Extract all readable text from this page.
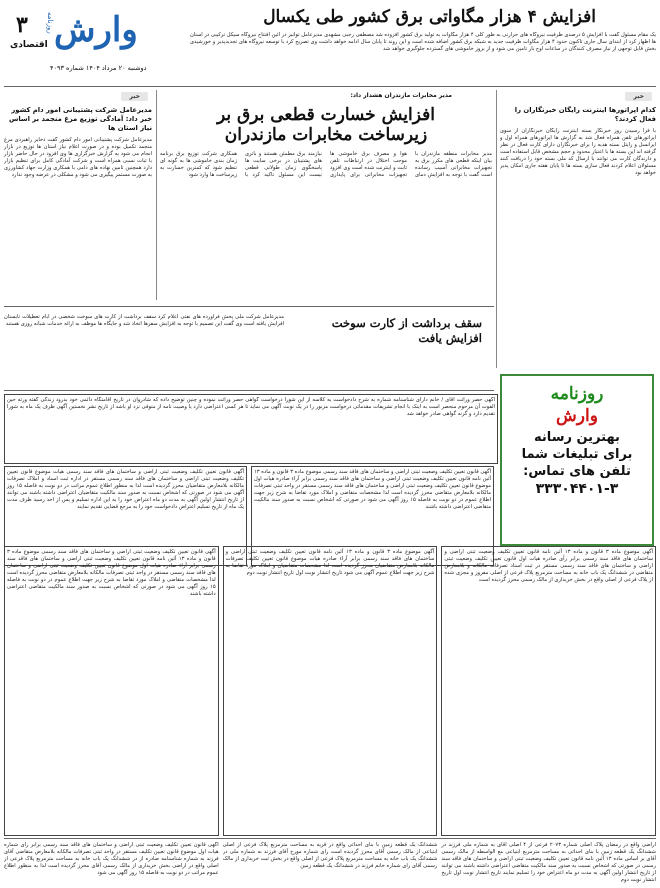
۳
اقتصادی
روزنامه وارش
دوشنبه ۲۰ مرداد ۱۴۰۴ شماره ۴۰۹۳
افزایش ۴ هزار مگاواتی برق کشور طی یکسال
یک مقام مسئول گفت با افزایش ۵ درصدی ظرفیت نیروگاه های حرارتی به طور کلی ۴ هزار مگاوات به تولید برق کشور افزوده شد مصطفی رجبی مشهدی مدیرعامل توانیر در آئین افتتاح نیروگاه سیکل ترکیبی در استان ها اظهار کرد از ابتدای سال جاری تاکنون حدود ۴ هزار مگاوات ظرفیت جدید به شبکه برق کشور اضافه شده است و این روند تا پایان سال ادامه خواهد داشت وی تصریح کرد با توسعه نیروگاه های تجدیدپذیر و خورشیدی بخش قابل توجهی از نیاز مصرف کنندگان در ساعات اوج بار تامین می شود و از بروز خاموشی های گسترده جلوگیری خواهد شد
خبر
کدام اپراتورها اینترنت رایگان خبرنگاران را فعال کردند؟
با فرا رسیدن روز خبرنگار بسته اینترنت رایگان خبرنگاران از سوی اپراتورهای تلفن همراه فعال شد به گزارش ها اپراتورهای همراه اول و ایرانسل و رایتل بسته هدیه را برای خبرنگاران دارای کارت فعال در نظر گرفته اند این بسته ها با اعتبار محدود و حجم مشخص قابل استفاده است و دارندگان کارت می توانند با ارسال کد ملی بسته خود را دریافت کنند مسئولان اعلام کردند فعال سازی بسته ها تا پایان هفته جاری امکان پذیر خواهد بود
مدیر مخابرات مازندران هشدار داد:
افزایش خسارت قطعی برق بر زیرساخت مخابرات مازندران
مدیر مخابرات منطقه مازندران با بیان اینکه قطعی های مکرر برق به تجهیزات مخابراتی آسیب رسانده است گفت با توجه به افزایش دمای هوا و مصرف برق خاموشی ها موجب اختلال در ارتباطات تلفن ثابت و اینترنت شده است وی افزود تجهیزات مخابراتی برای پایداری نیازمند برق مطمئن هستند و باتری های پشتیبان در برخی سایت ها پاسخگوی زمان طولانی قطعی نیست این مسئول تاکید کرد با همکاری شرکت توزیع برق برنامه زمان بندی خاموشی ها به گونه ای تنظیم شود که کمترین خسارت به زیرساخت ها وارد شود
خبر
مدیرعامل شرکت پشتیبانی امور دام کشور خبر داد: آمادگی توزیع مرغ منجمد بر اساس نیاز استان ها
مدیرعامل شرکت پشتیبانی امور دام کشور گفت ذخایر راهبردی مرغ منجمد تکمیل بوده و در صورت اعلام نیاز استان ها توزیع در بازار انجام می شود به گزارش خبرگزاری ها وی افزود در حال حاضر بازار با ثبات نسبی همراه است و شرکت آمادگی کامل برای تنظیم بازار دارد همچنین تامین نهاده های دامی با همکاری وزارت جهاد کشاورزی به صورت مستمر پیگیری می شود و مشکلی در عرضه وجود ندارد
سقف برداشت از کارت سوخت افزایش یافت
مدیرعامل شرکت ملی پخش فرآورده های نفتی اعلام کرد سقف برداشت از کارت های سوخت شخصی در ایام تعطیلات تابستان افزایش یافته است وی گفت این تصمیم با توجه به افزایش سفرها اتخاذ شد و جایگاه ها موظف به ارائه خدمات شبانه روزی هستند
روزنامه
وارش
بهترین رسانه
برای تبلیغات شما
تلفن های تماس:
۳۳۳۰۴۴۰۱-۳
آگهی حصر وراثت آقای / خانم دارای شناسنامه شماره به شرح دادخواست به کلاسه از این شورا درخواست گواهی حصر وراثت نموده و چنین توضیح داده که شادروان در تاریخ اقامتگاه دائمی خود بدرود زندگی گفته ورثه حین الفوت آن مرحوم منحصر است به اینک با انجام تشریفات مقدماتی درخواست مزبور را در یک نوبت آگهی می نماید تا هر کسی اعتراضی دارد یا وصیت نامه از متوفی نزد او باشد از تاریخ نشر نخستین آگهی ظرف یک ماه به شورا تقدیم دارد و گرنه گواهی صادر خواهد شد
آگهی قانون تعیین تکلیف وضعیت ثبتی اراضی و ساختمان های فاقد سند رسمی موضوع ماده ۳ قانون و ماده ۱۳ آئین نامه قانون تعیین تکلیف وضعیت ثبتی اراضی و ساختمان های فاقد سند رسمی برابر آراء صادره هیات اول موضوع قانون تعیین تکلیف وضعیت ثبتی اراضی و ساختمان های فاقد سند رسمی مستقر در واحد ثبتی تصرفات مالکانه بلامعارض متقاضی محرز گردیده است لذا مشخصات متقاضی و املاک مورد تقاضا به شرح زیر جهت اطلاع عموم در دو نوبت به فاصله ۱۵ روز آگهی می شود در صورتی که اشخاص نسبت به صدور سند مالکیت متقاضی اعتراضی داشته باشند
آگهی قانون تعیین تکلیف وضعیت ثبتی اراضی و ساختمان های فاقد سند رسمی هیات موضوع قانون تعیین تکلیف وضعیت ثبتی اراضی و ساختمان های فاقد سند رسمی مستقر در اداره ثبت اسناد و املاک تصرفات مالکانه بلامعارض متقاضیان محرز گردیده است لذا به منظور اطلاع عموم مراتب در دو نوبت به فاصله ۱۵ روز آگهی می شود در صورتی که اشخاص نسبت به صدور سند مالکیت متقاضیان اعتراضی داشته باشند می توانند از تاریخ انتشار اولین آگهی به مدت دو ماه اعتراض خود را به این اداره تسلیم و پس از اخذ رسید ظرف مدت یک ماه از تاریخ تسلیم اعتراض دادخواست خود را به مرجع قضایی تقدیم نمایند
آگهی موضوع ماده ۳ قانون و ماده ۱۳ آئین نامه قانون تعیین تکلیف وضعیت ثبتی اراضی و ساختمان های فاقد سند رسمی برابر رأی صادره هیات اول قانون تعیین تکلیف وضعیت ثبتی اراضی و ساختمان های فاقد سند رسمی مستقر در ثبت اسناد تصرفات مالکانه و بلامعارض متقاضی در ششدانگ یک باب خانه به مساحت مترمربع پلاک فرعی از اصلی مفروز و مجزی شده از پلاک فرعی از اصلی واقع در بخش خریداری از مالک رسمی محرز گردیده است
آگهی موضوع ماده ۳ قانون و ماده ۱۳ آئین نامه قانون تعیین تکلیف وضعیت ثبتی اراضی و ساختمان های فاقد سند رسمی برابر آراء صادره هیات موضوع قانون تعیین تکلیف تصرفات مالکانه بلامعارض متقاضیان محرز گردیده است لذا مشخصات متقاضیان و املاک مورد تقاضا به شرح زیر جهت اطلاع عموم آگهی می شود تاریخ انتشار نوبت اول تاریخ انتشار نوبت دوم
آگهی قانون تعیین تکلیف وضعیت ثبتی اراضی و ساختمان های فاقد سند رسمی موضوع ماده ۳ قانون و ماده ۱۳ آئین نامه قانون تعیین تکلیف وضعیت ثبتی اراضی و ساختمان های فاقد سند رسمی برابر آراء صادره هیات اول موضوع قانون تعیین تکلیف وضعیت ثبتی اراضی و ساختمان های فاقد سند رسمی مستقر در واحد ثبتی تصرفات مالکانه بلامعارض متقاضی محرز گردیده است لذا مشخصات متقاضی و املاک مورد تقاضا به شرح زیر جهت اطلاع عموم در دو نوبت به فاصله ۱۵ روز آگهی می شود در صورتی که اشخاص نسبت به صدور سند مالکیت متقاضی اعتراضی داشته باشند
اراضی واقع در رمضان پلاک اصلی شماره ۲۰۷۳ فرعی از ۴ اصلی آقای به شماره ملی فرزند در ششدانگ یک قطعه زمین با بنای احداثی به مساحت مترمربع ابتیاعی مع الواسطه از مالک رسمی آقای بر اساس ماده ۱۳ آئین نامه قانون تعیین تکلیف وضعیت ثبتی اراضی و ساختمان های فاقد سند رسمی در صورتی که اشخاص نسبت به صدور سند مالکیت متقاضی اعتراضی داشته باشند می توانند از تاریخ انتشار اولین آگهی به مدت دو ماه اعتراض خود را تسلیم نمایند تاریخ انتشار نوبت اول تاریخ انتشار نوبت دوم
ششدانگ یک قطعه زمین با بنای احداثی واقع در قریه به مساحت مترمربع پلاک فرعی از اصلی ابتیاعی از مالک رسمی آقای محرز گردیده است رای شماره مورخ آقای فرزند به شماره ملی در ششدانگ یک باب خانه به مساحت مترمربع پلاک فرعی از اصلی واقع در بخش ثبت خریداری از مالک رسمی آقای رای شماره خانم فرزند در ششدانگ یک قطعه زمین
آگهی قانون تعیین تکلیف وضعیت ثبتی اراضی و ساختمان های فاقد سند رسمی برابر رای شماره هیات اول موضوع قانون تعیین تکلیف مستقر در واحد ثبتی تصرفات مالکانه بلامعارض متقاضی آقای فرزند به شماره شناسنامه صادره از در ششدانگ یک باب خانه به مساحت مترمربع پلاک فرعی از اصلی واقع در اراضی بخش خریداری از مالک رسمی آقای محرز گردیده است لذا به منظور اطلاع عموم مراتب در دو نوبت به فاصله ۱۵ روز آگهی می شود
